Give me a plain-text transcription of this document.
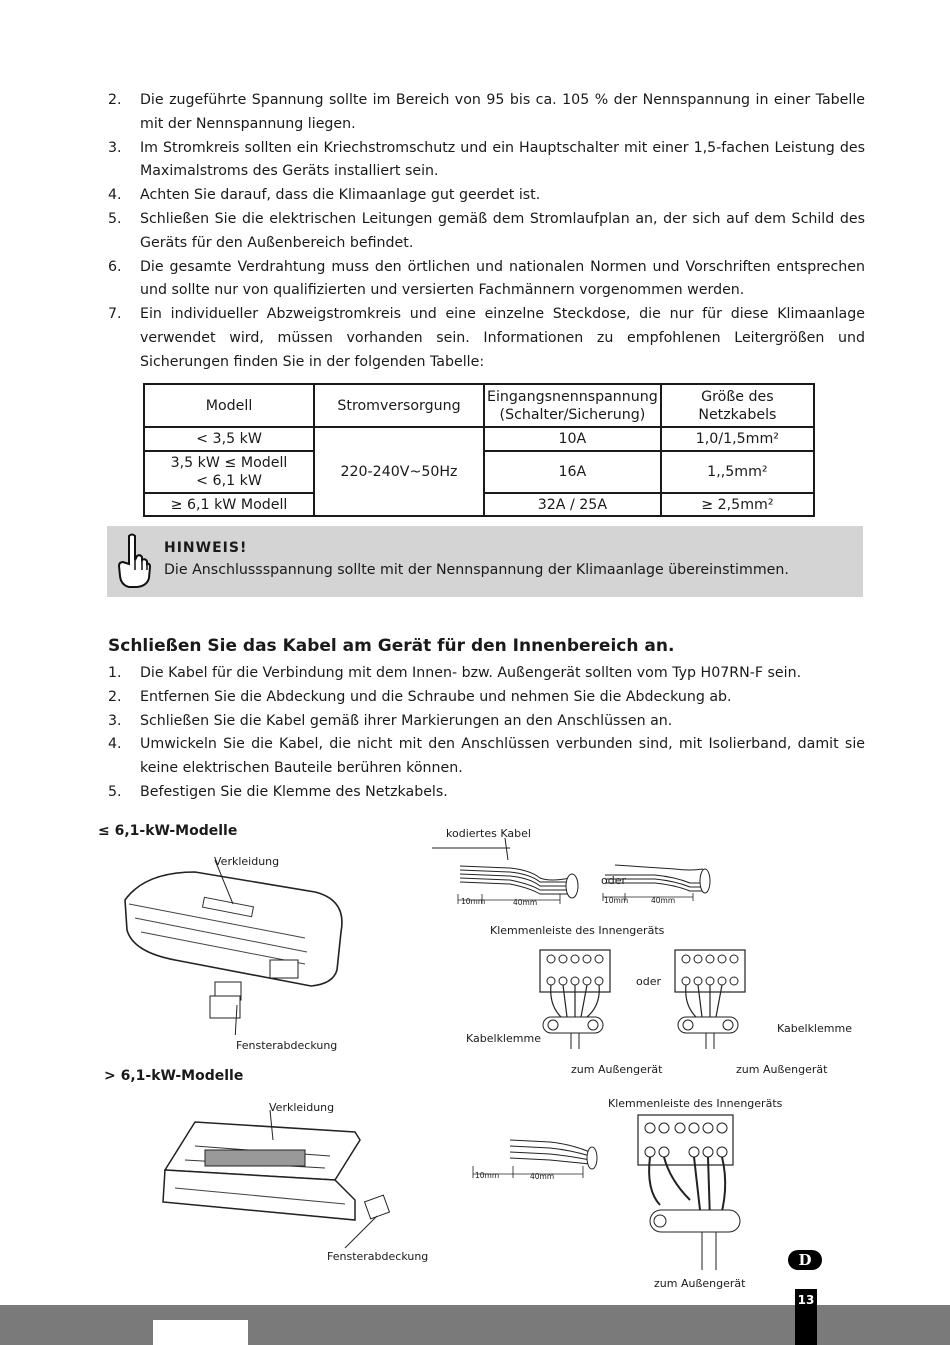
2.	Die zugeführte Spannung sollte im Bereich von 95 bis ca. 105 % der Nennspannung in einer Tabelle mit der Nennspannung liegen.
3.	Im Stromkreis sollten ein Kriechstromschutz und ein Hauptschalter mit einer 1,5-fachen Leistung des Maximalstroms des Geräts installiert sein.
4.	Achten Sie darauf, dass die Klimaanlage gut geerdet ist.
5.	Schließen Sie die elektrischen Leitungen gemäß dem Stromlaufplan an, der sich auf dem Schild des Geräts für den Außenbereich befindet.
6.	Die gesamte Verdrahtung muss den örtlichen und nationalen Normen und Vorschriften entsprechen und sollte nur von qualifizierten und versierten Fachmännern vorgenommen werden.
7.	Ein individueller Abzweigstromkreis und eine einzelne Steckdose, die nur für diese Klimaanlage verwendet wird, müssen vorhanden sein. Informationen zu empfohlenen Leitergrößen und Sicherungen finden Sie in der folgenden Tabelle:
Modell	Stromversorgung	Eingangsnennspannung (Schalter/Sicherung)	Größe des Netzkabels
< 3,5 kW	220-240V~50Hz	10A	1,0/1,5mm²
3,5 kW ≤ Modell < 6,1 kW		16A	1,,5mm²
≥ 6,1 kW Modell		32A / 25A	≥ 2,5mm²
HINWEIS!
Die Anschlussspannung sollte mit der Nennspannung der Klimaanlage übereinstimmen.
Schließen Sie das Kabel am Gerät für den Innenbereich an.
1.	Die Kabel für die Verbindung mit dem Innen- bzw. Außengerät sollten vom Typ H07RN-F sein.
2.	Entfernen Sie die Abdeckung und die Schraube und nehmen Sie die Abdeckung ab.
3.	Schließen Sie die Kabel gemäß ihrer Markierungen an den Anschlüssen an.
4.	Umwickeln Sie die Kabel, die nicht mit den Anschlüssen verbunden sind, mit Isolierband, damit sie keine elektrischen Bauteile berühren können.
5.	Befestigen Sie die Klemme des Netzkabels.
≤ 6,1-kW-Modelle
> 6,1-kW-Modelle
Verkleidung
Fensterabdeckung
Verkleidung
Fensterabdeckung
kodiertes Kabel
oder
oder
Klemmenleiste des Innengeräts
Klemmenleiste des Innengeräts
Kabelklemme
Kabelklemme
zum Außengerät	zum Außengerät
zum Außengerät
10mm	40mm	10mm	40mm
10mm	40mm
D
13
